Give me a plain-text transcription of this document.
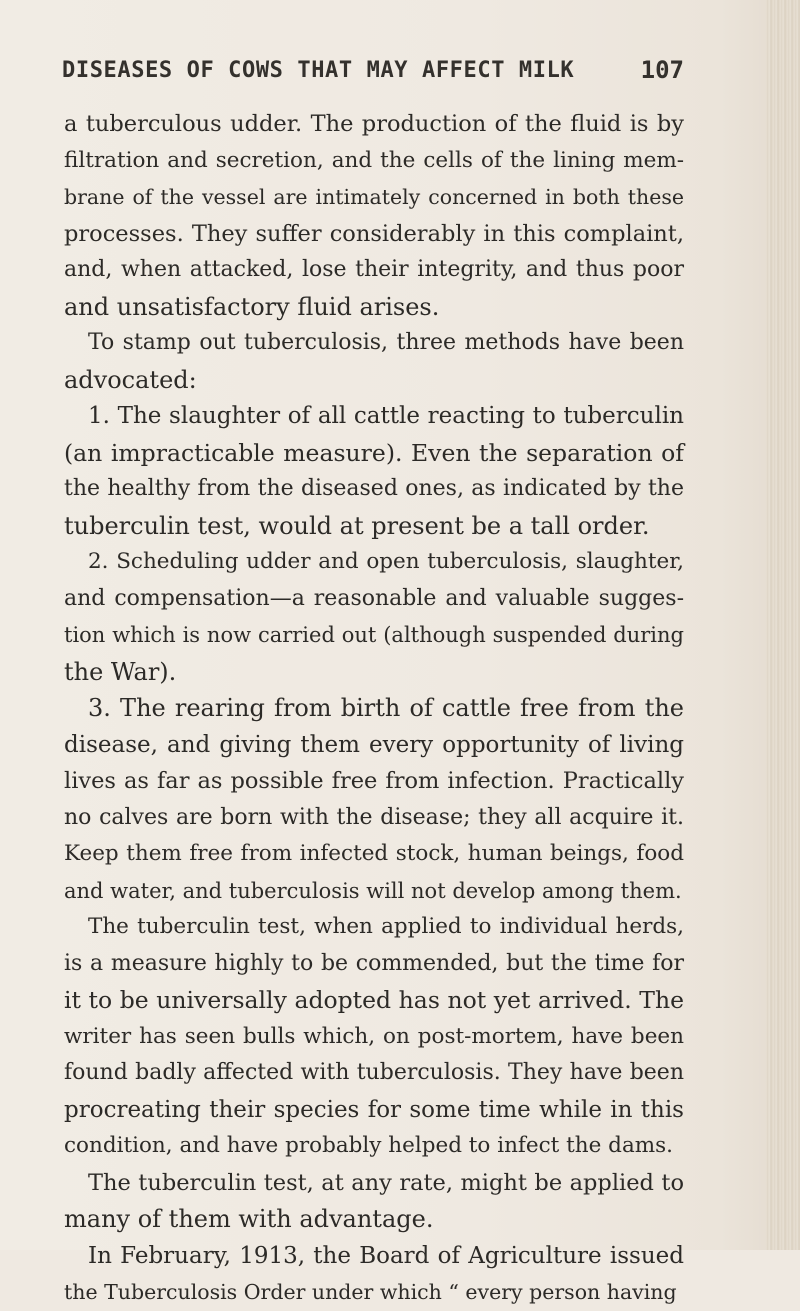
DISEASES OF COWS THAT MAY AFFECT MILK	107
a tuberculous udder. The production of the fluid is by
filtration and secretion, and the cells of the lining mem-
brane of the vessel are intimately concerned in both these
processes. They suffer considerably in this complaint,
and, when attacked, lose their integrity, and thus poor
and unsatisfactory fluid arises.
To stamp out tuberculosis, three methods have been
advocated:
1. The slaughter of all cattle reacting to tuberculin
(an impracticable measure). Even the separation of
the healthy from the diseased ones, as indicated by the
tuberculin test, would at present be a tall order.
2. Scheduling udder and open tuberculosis, slaughter,
and compensation—a reasonable and valuable sugges-
tion which is now carried out (although suspended during
the War).
3. The rearing from birth of cattle free from the
disease, and giving them every opportunity of living
lives as far as possible free from infection. Practically
no calves are born with the disease; they all acquire it.
Keep them free from infected stock, human beings, food
and water, and tuberculosis will not develop among them.
The tuberculin test, when applied to individual herds,
is a measure highly to be commended, but the time for
it to be universally adopted has not yet arrived. The
writer has seen bulls which, on post-mortem, have been
found badly affected with tuberculosis. They have been
procreating their species for some time while in this
condition, and have probably helped to infect the dams.
The tuberculin test, at any rate, might be applied to
many of them with advantage.
In February, 1913, the Board of Agriculture issued
the Tuberculosis Order under which “ every person having
